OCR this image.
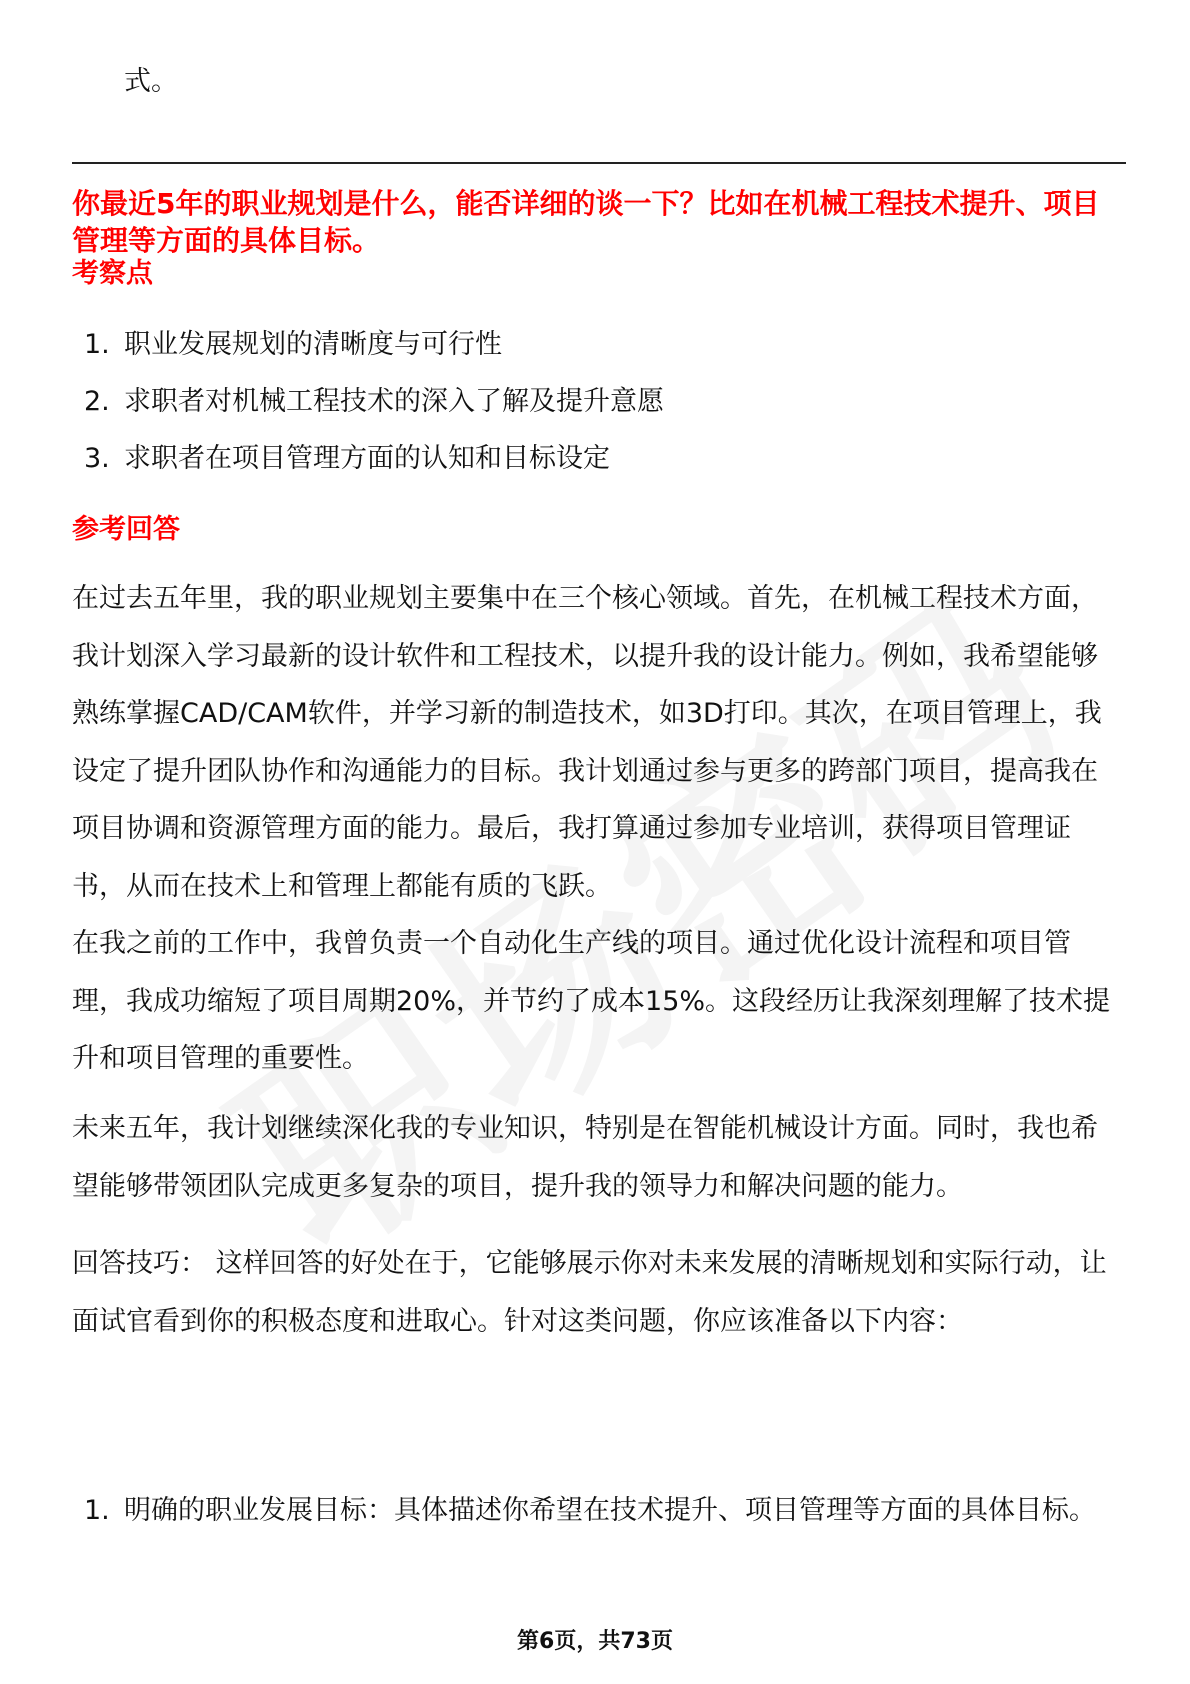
式。
你最近5年的职业规划是什么，能否详细的谈一下？比如在机械工程技术提升、项目管理等方面的具体目标。
考察点
1. 职业发展规划的清晰度与可行性
2. 求职者对机械工程技术的深入了解及提升意愿
3. 求职者在项目管理方面的认知和目标设定
参考回答

在过去五年里，我的职业规划主要集中在三个核心领域。首先，在机械工程技术方面，我计划深入学习最新的设计软件和工程技术，以提升我的设计能力。例如，我希望能够熟练掌握CAD/CAM软件，并学习新的制造技术，如3D打印。其次，在项目管理上，我设定了提升团队协作和沟通能力的目标。我计划通过参与更多的跨部门项目，提高我在项目协调和资源管理方面的能力。最后，我打算通过参加专业培训，获得项目管理证书，从而在技术上和管理上都能有质的飞跃。

在我之前的工作中，我曾负责一个自动化生产线的项目。通过优化设计流程和项目管理，我成功缩短了项目周期20%，并节约了成本15%。这段经历让我深刻理解了技术提升和项目管理的重要性。

未来五年，我计划继续深化我的专业知识，特别是在智能机械设计方面。同时，我也希望能够带领团队完成更多复杂的项目，提升我的领导力和解决问题的能力。

回答技巧： 这样回答的好处在于，它能够展示你对未来发展的清晰规划和实际行动，让面试官看到你的积极态度和进取心。针对这类问题，你应该准备以下内容：

1. 明确的职业发展目标：具体描述你希望在技术提升、项目管理等方面的具体目标。
第6页，共73页
